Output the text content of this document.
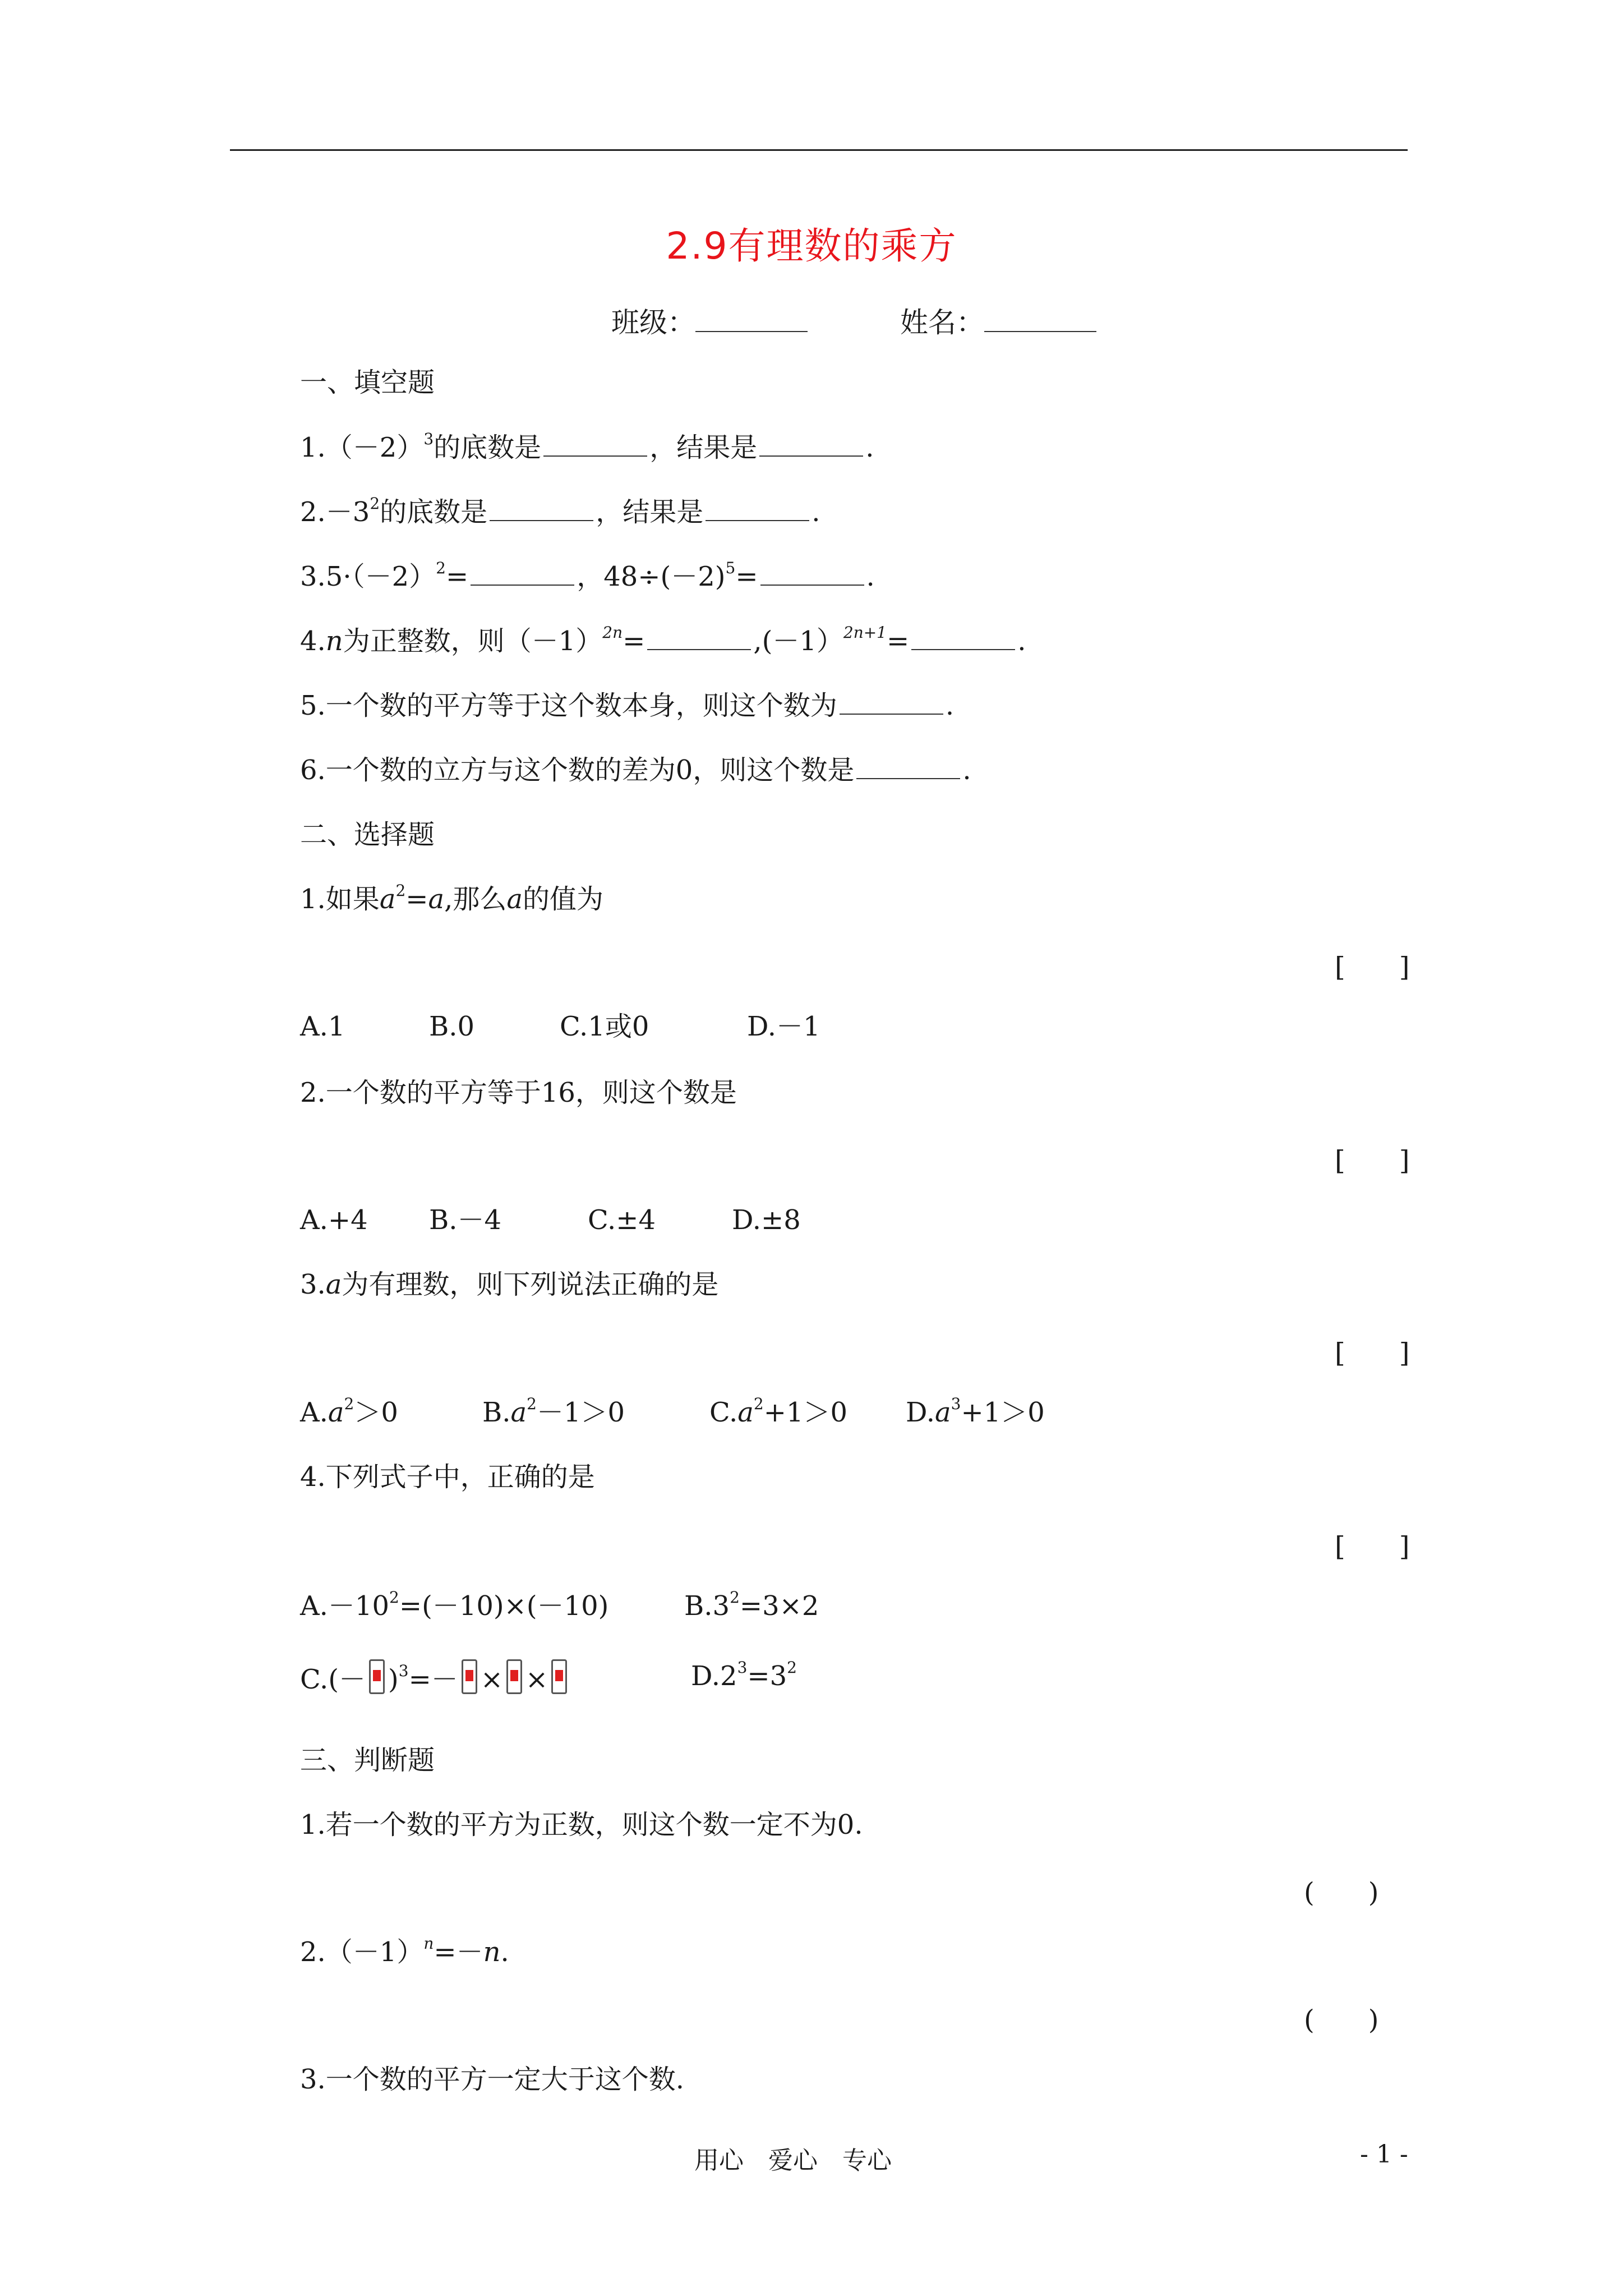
2.9有理数的乘方
班级：	姓名：
一、填空题
$1.(-2)^3$的底数是	，结果是	.
$2.-3^2$的底数是	，结果是	.
$3.5\cdot(-2)^2=$	，$48\div(-2)^5=$	.
4.n为正整数，则$(-1)^{2n}=$	,(－1）$^{2n+1}$=	.
5.一个数的平方等于这个数本身，则这个数为	.
6.一个数的立方与这个数的差为0，则这个数是	.
二、选择题
1.如果$a^2=a$,那么a的值为
[　　]
A.1	B.0	C.1或0	D.－1
2.一个数的平方等于16，则这个数是
[　　]
A.+4 B.－4	C.±4	D.±8
3.a为有理数，则下列说法正确的是
[　　]
$A.a^2>0$	$B.a^2-1>0$	$C.a^2+1>0$ $D.a^3+1>0$
4.下列式子中，正确的是
[　　]
$A.-10^2=(-10)\times(-10)$	$B.3^2=3\times 2$
$C.(- )^3=-$ × ×	$D.2^3=3^2$
三、判断题
1.若一个数的平方为正数，则这个数一定不为0.
(　　)
$2.(-1)^n=-n$.
(　　)
3.一个数的平方一定大于这个数.
用心　爱心　专心	- 1 -
